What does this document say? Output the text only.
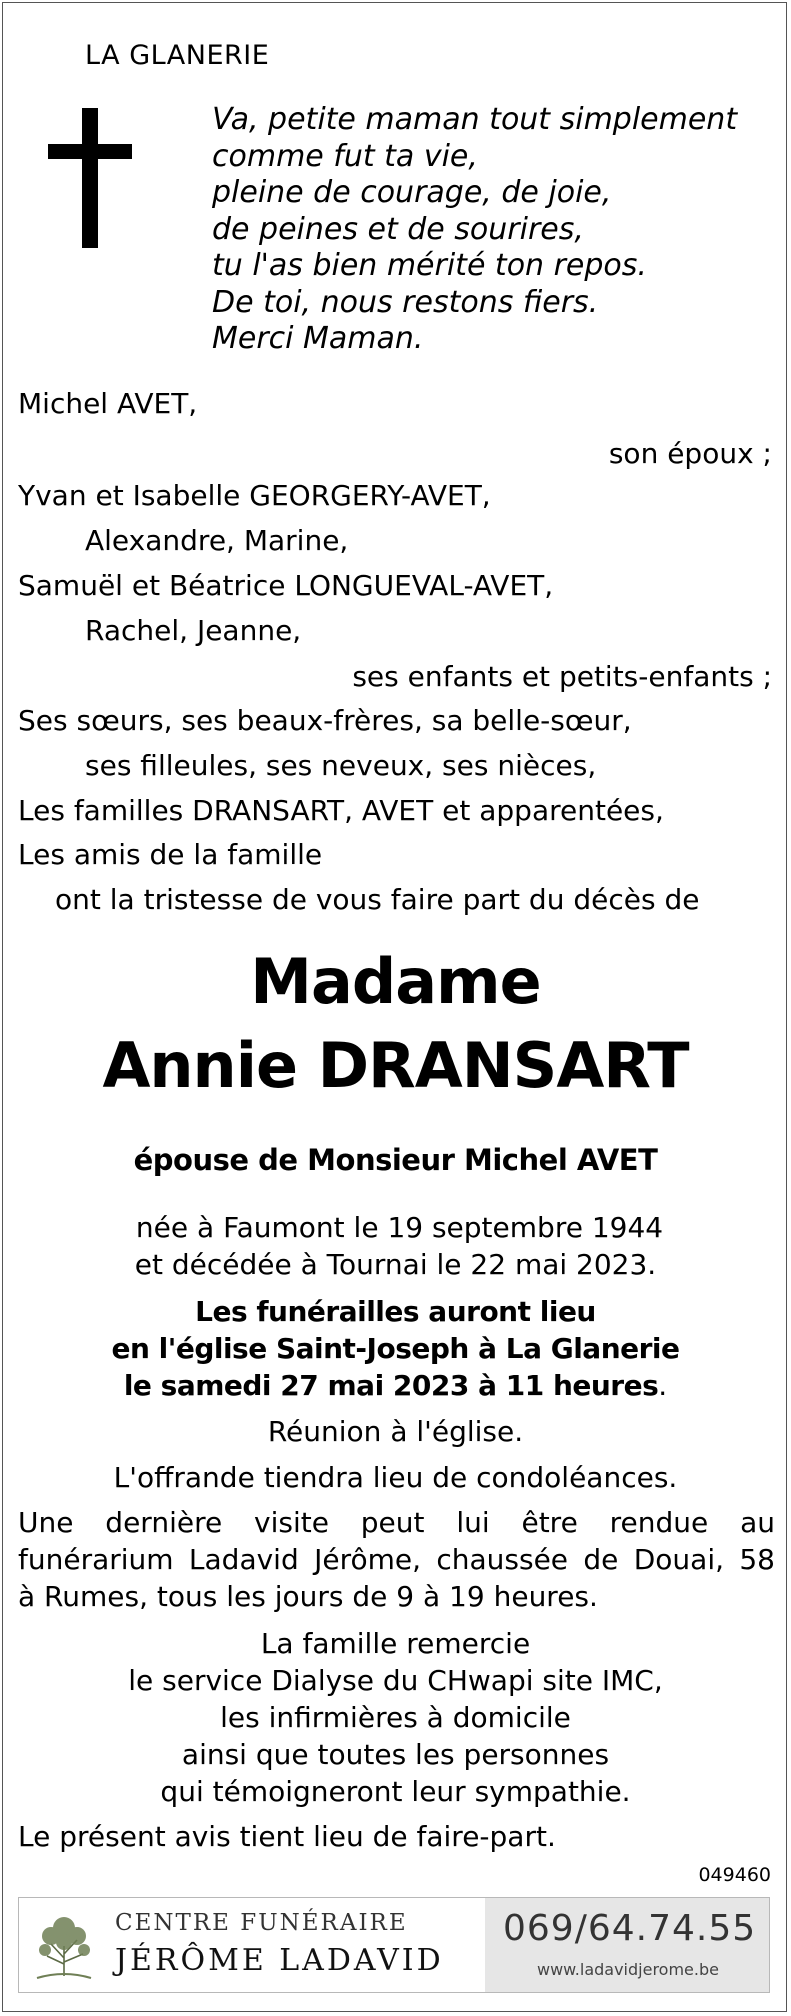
LA GLANERIE
Va, petite maman tout simplement
comme fut ta vie,
pleine de courage, de joie,
de peines et de sourires,
tu l'as bien mérité ton repos.
De toi, nous restons fiers.
Merci Maman.
Michel AVET,
son époux ;
Yvan et Isabelle GEORGERY-AVET,
Alexandre, Marine,
Samuël et Béatrice LONGUEVAL-AVET,
Rachel, Jeanne,
ses enfants et petits-enfants ;
Ses sœurs, ses beaux-frères, sa belle-sœur,
ses filleules, ses neveux, ses nièces,
Les familles DRANSART, AVET et apparentées,
Les amis de la famille
ont la tristesse de vous faire part du décès de
Madame
Annie DRANSART
épouse de Monsieur Michel AVET
née à Faumont le 19 septembre 1944
et décédée à Tournai le 22 mai 2023.
Les funérailles auront lieu
en l'église Saint-Joseph à La Glanerie
le samedi 27 mai 2023 à 11 heures.
Réunion à l'église.
L'offrande tiendra lieu de condoléances.
Une dernière visite peut lui être rendue au
funérarium Ladavid Jérôme, chaussée de Douai, 58
à Rumes, tous les jours de 9 à 19 heures.
La famille remercie
le service Dialyse du CHwapi site IMC,
les infirmières à domicile
ainsi que toutes les personnes
qui témoigneront leur sympathie.
Le présent avis tient lieu de faire-part.
049460
CENTRE FUNÉRAIRE
JÉRÔME LADAVID
069/64.74.55
www.ladavidjerome.be
